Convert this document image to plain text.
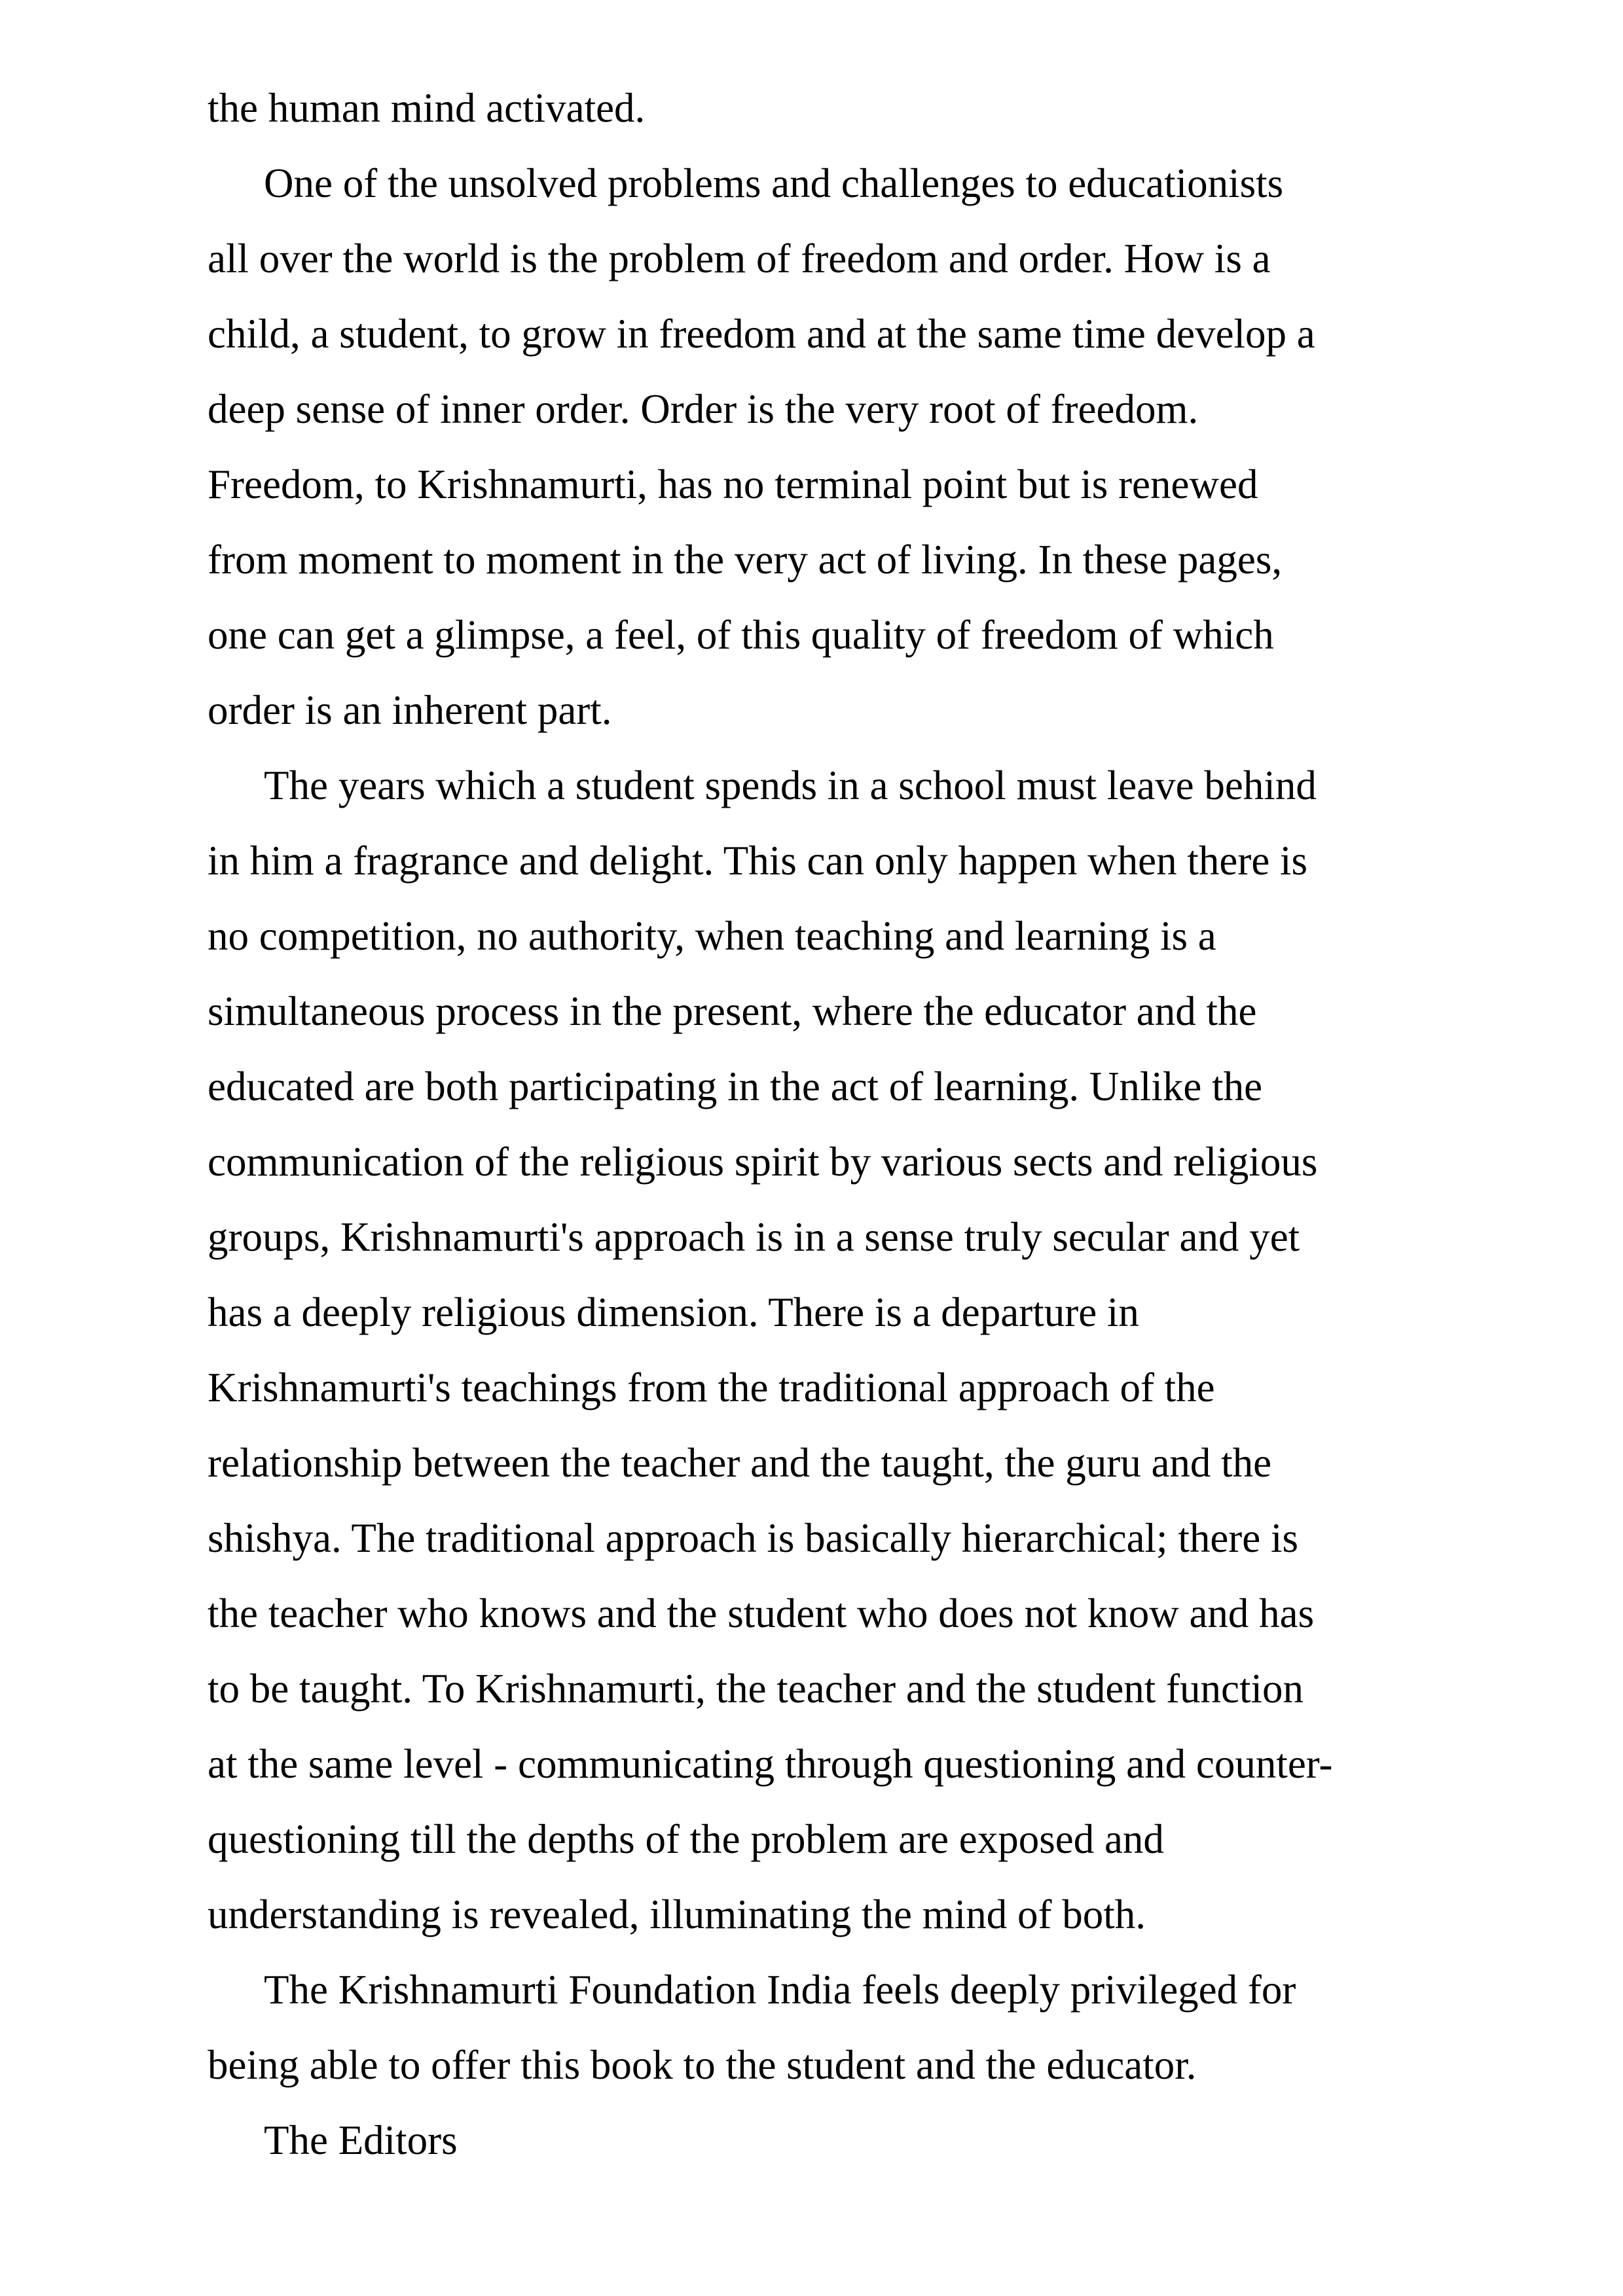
the human mind activated.
One of the unsolved problems and challenges to educationists
all over the world is the problem of freedom and order. How is a
child, a student, to grow in freedom and at the same time develop a
deep sense of inner order. Order is the very root of freedom.
Freedom, to Krishnamurti, has no terminal point but is renewed
from moment to moment in the very act of living. In these pages,
one can get a glimpse, a feel, of this quality of freedom of which
order is an inherent part.
The years which a student spends in a school must leave behind
in him a fragrance and delight. This can only happen when there is
no competition, no authority, when teaching and learning is a
simultaneous process in the present, where the educator and the
educated are both participating in the act of learning. Unlike the
communication of the religious spirit by various sects and religious
groups, Krishnamurti's approach is in a sense truly secular and yet
has a deeply religious dimension. There is a departure in
Krishnamurti's teachings from the traditional approach of the
relationship between the teacher and the taught, the guru and the
shishya. The traditional approach is basically hierarchical; there is
the teacher who knows and the student who does not know and has
to be taught. To Krishnamurti, the teacher and the student function
at the same level - communicating through questioning and counter-
questioning till the depths of the problem are exposed and
understanding is revealed, illuminating the mind of both.
The Krishnamurti Foundation India feels deeply privileged for
being able to offer this book to the student and the educator.
The Editors
